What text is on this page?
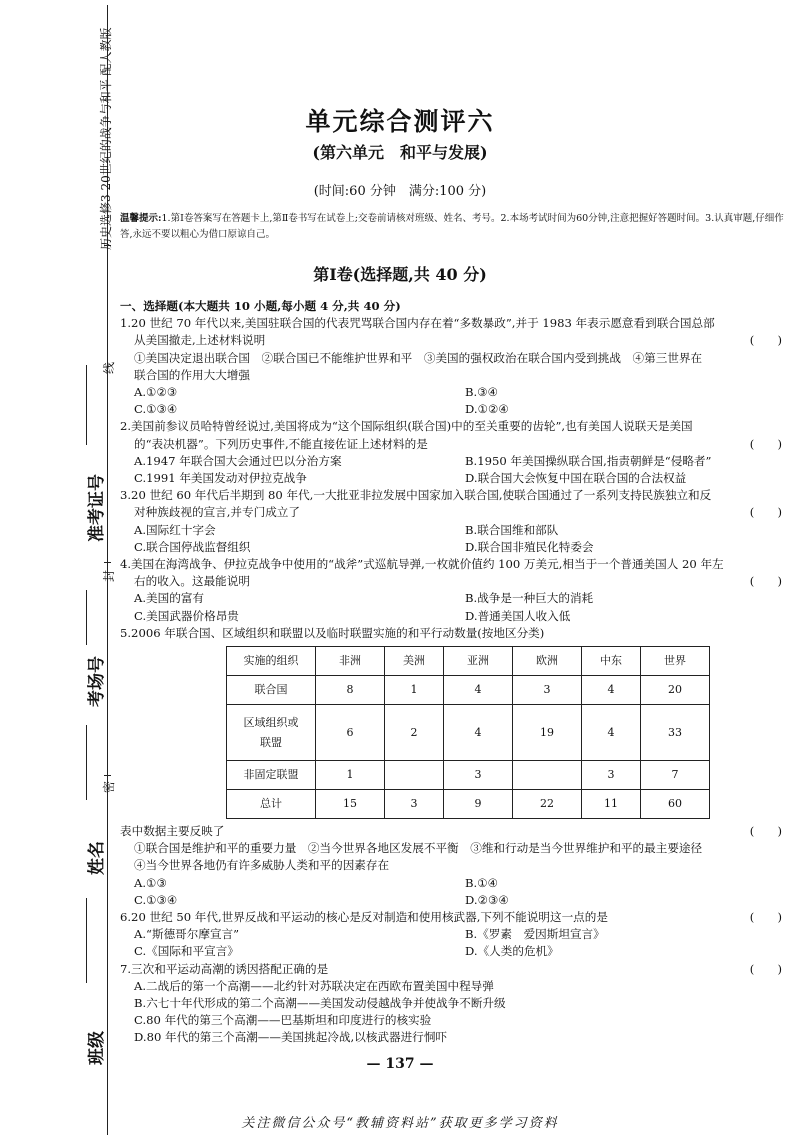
历史选修3 20世纪的战争与和平 配人教版
线
封
密
准考证号
考场号
姓名
班级
单元综合测评六
(第六单元　和平与发展)
(时间:60 分钟　满分:100 分)
温馨提示:1.第Ⅰ卷答案写在答题卡上,第Ⅱ卷书写在试卷上;交卷前请核对班级、姓名、考号。2.本场考试时间为60分钟,注意把握好答题时间。3.认真审题,仔细作答,永远不要以粗心为借口原谅自己。
第Ⅰ卷(选择题,共 40 分)

一、选择题(本大题共 10 小题,每小题 4 分,共 40 分)

1.20 世纪 70 年代以来,美国驻联合国的代表咒骂联合国内存在着“多数暴政”,并于 1983 年表示愿意看到联合国总部

从美国撤走,上述材料说明	(　　)

①美国决定退出联合国　②联合国已不能维护世界和平　③美国的强权政治在联合国内受到挑战　④第三世界在

联合国的作用大大增强

A.①②③	B.③④
C.①③④	D.①②④

2.美国前参议员哈特曾经说过,美国将成为“这个国际组织(联合国)中的至关重要的齿轮”,也有美国人说联天是美国

的“表决机器”。下列历史事件,不能直接佐证上述材料的是	(　　)
A.1947 年联合国大会通过巴以分治方案	B.1950 年美国操纵联合国,指责朝鲜是“侵略者”
C.1991 年美国发动对伊拉克战争	D.联合国大会恢复中国在联合国的合法权益

3.20 世纪 60 年代后半期到 80 年代,一大批亚非拉发展中国家加入联合国,使联合国通过了一系列支持民族独立和反

对种族歧视的宣言,并专门成立了	(　　)
A.国际红十字会	B.联合国维和部队
C.联合国停战监督组织	D.联合国非殖民化特委会

4.美国在海湾战争、伊拉克战争中使用的“战斧”式巡航导弹,一枚就价值约 100 万美元,相当于一个普通美国人 20 年左

右的收入。这最能说明	(　　)
A.美国的富有	B.战争是一种巨大的消耗
C.美国武器价格昂贵	D.普通美国人收入低

5.2006 年联合国、区域组织和联盟以及临时联盟实施的和平行动数量(按地区分类)

实施的组织	非洲	美洲	亚洲	欧洲	中东	世界
联合国	8	1	4	3	4	20
区域组织或联盟	6	2	4	19	4	33
非固定联盟	1		3		3	7
总计	15	3	9	22	11	60
表中数据主要反映了	(　　)

①联合国是维护和平的重要力量　②当今世界各地区发展不平衡　③维和行动是当今世界维护和平的最主要途径

④当今世界各地仍有许多威胁人类和平的因素存在

A.①③	B.①④
C.①③④	D.②③④
6.20 世纪 50 年代,世界反战和平运动的核心是反对制造和使用核武器,下列不能说明这一点的是	(　　)
A.“斯德哥尔摩宣言”	B.《罗素　爱因斯坦宣言》
C.《国际和平宣言》	D.《人类的危机》
7.三次和平运动高潮的诱因搭配正确的是	(　　)

A.二战后的第一个高潮——北约针对苏联决定在西欧布置美国中程导弹

B.六七十年代形成的第二个高潮——美国发动侵越战争并使战争不断升级

C.80 年代的第三个高潮——巴基斯坦和印度进行的核实验

D.80 年代的第三个高潮——美国挑起冷战,以核武器进行恫吓

— 137 —
关注微信公众号“教辅资料站”获取更多学习资料
